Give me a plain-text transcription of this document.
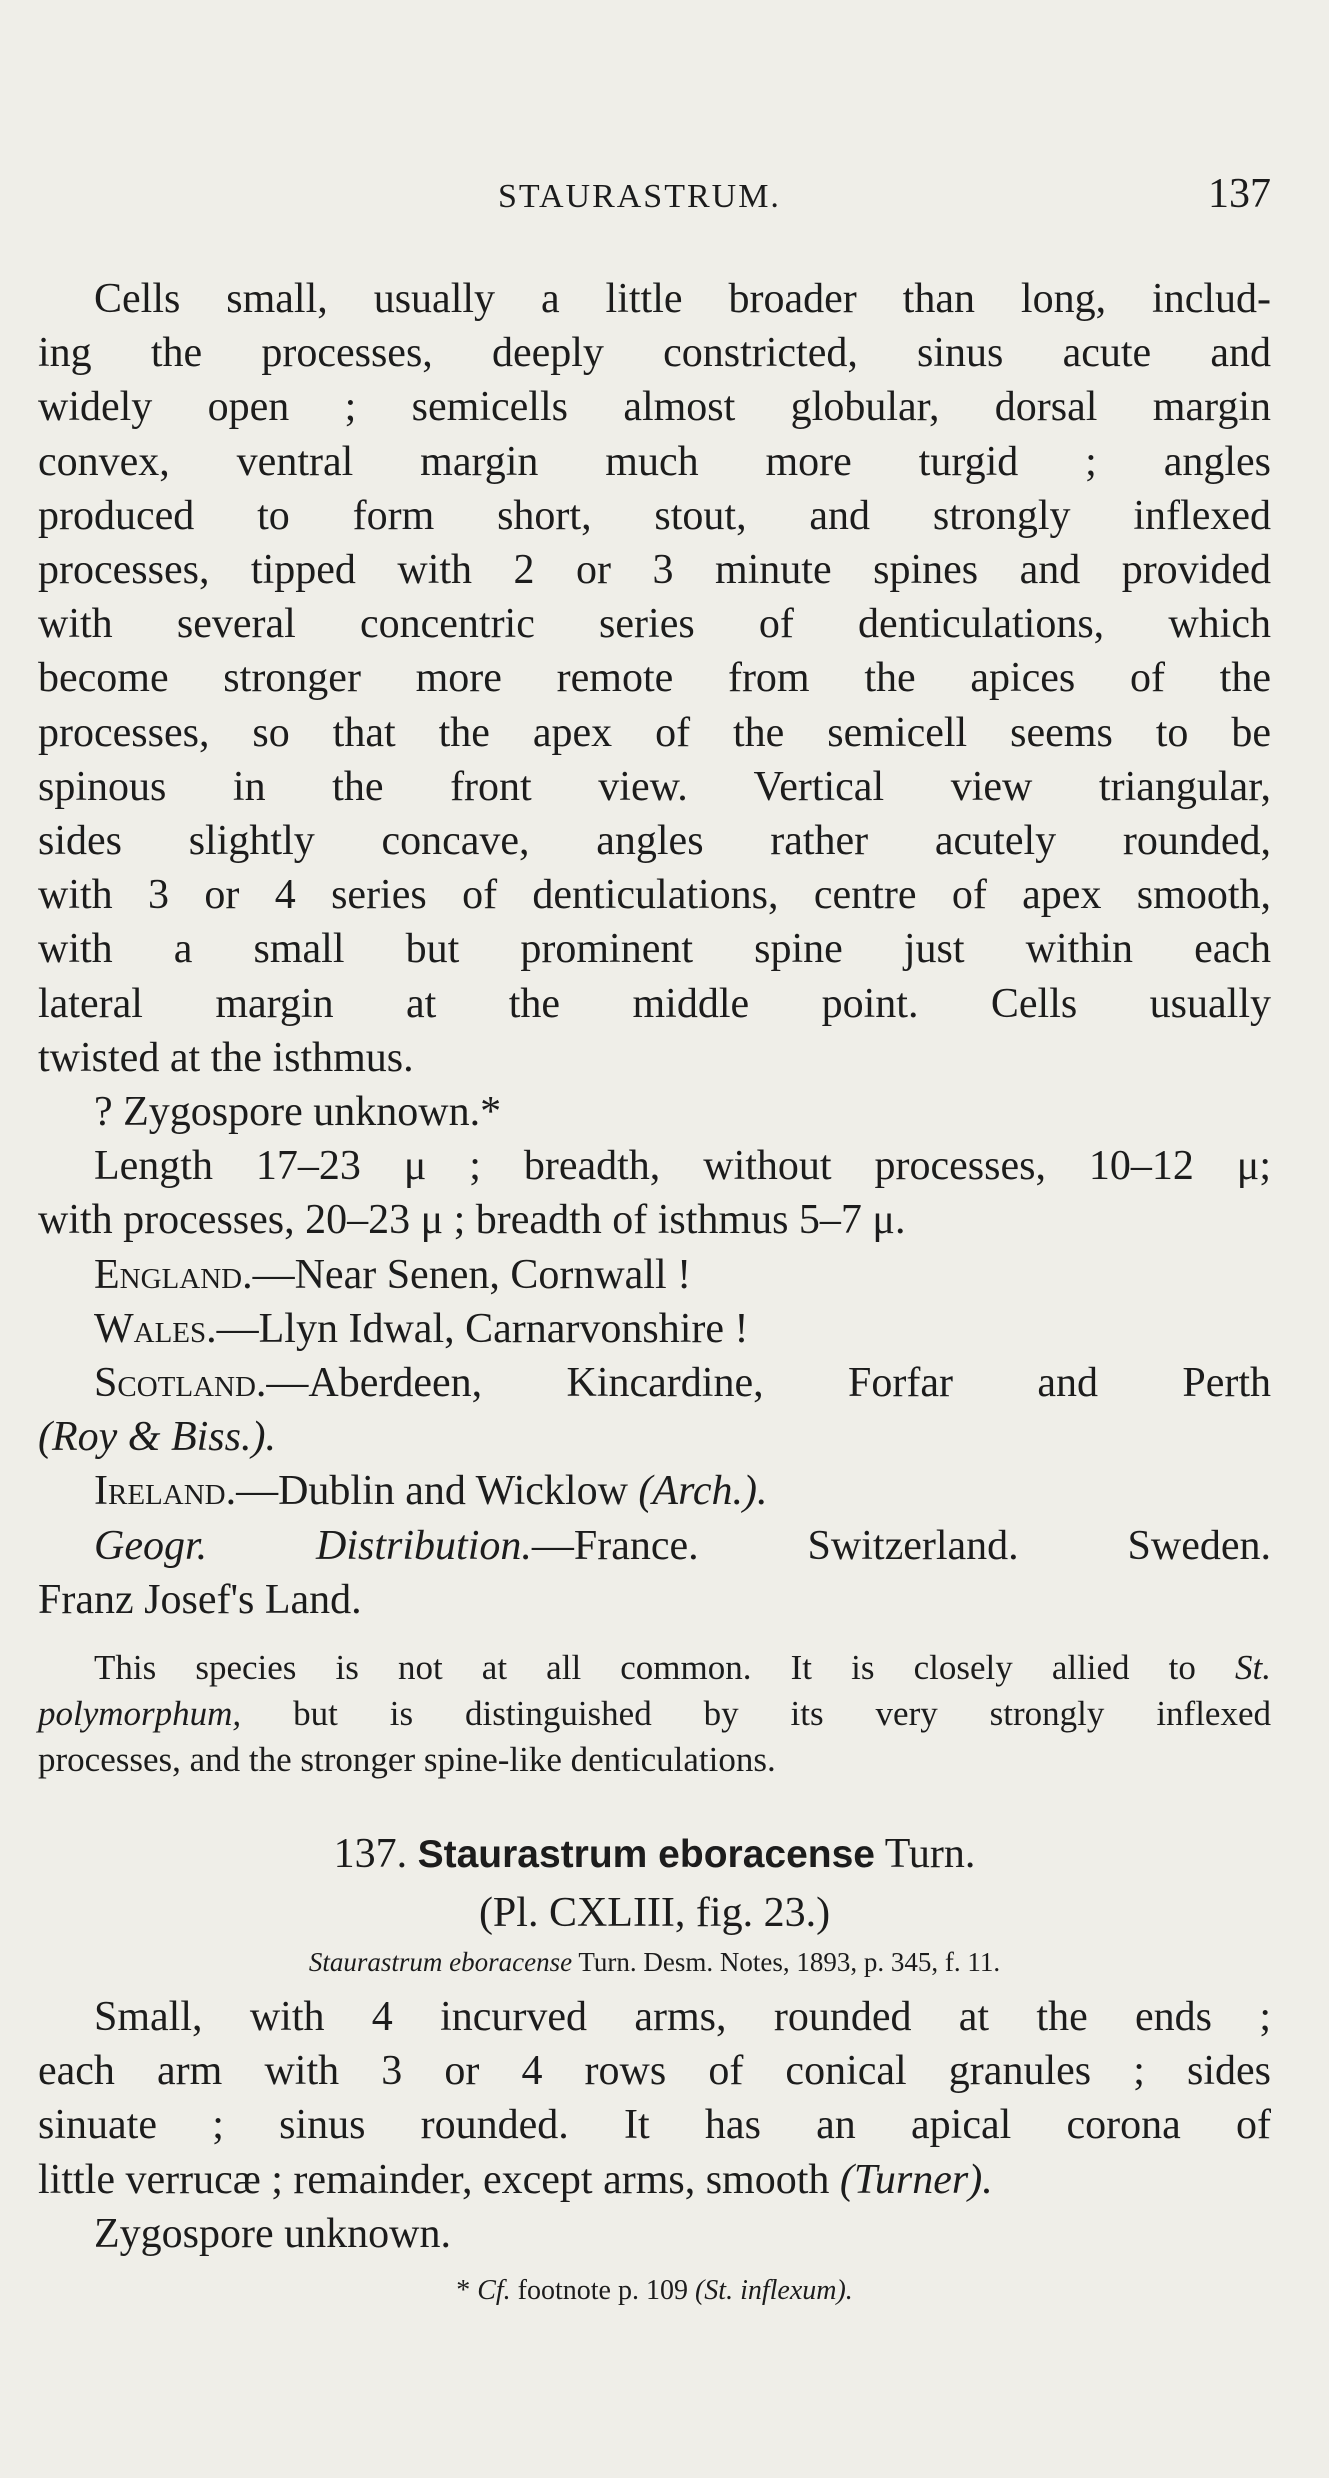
STAURASTRUM.	137

Cells small, usually a little broader than long, includ-
ing the processes, deeply constricted, sinus acute and
widely open ; semicells almost globular, dorsal margin
convex, ventral margin much more turgid ; angles
produced to form short, stout, and strongly inflexed
processes, tipped with 2 or 3 minute spines and provided
with several concentric series of denticulations, which
become stronger more remote from the apices of the
processes, so that the apex of the semicell seems to be
spinous in the front view. Vertical view triangular,
sides slightly concave, angles rather acutely rounded,
with 3 or 4 series of denticulations, centre of apex smooth,
with a small but prominent spine just within each
lateral margin at the middle point. Cells usually
twisted at the isthmus.

? Zygospore unknown.*

Length 17–23 μ ; breadth, without processes, 10–12 μ;
with processes, 20–23 μ ; breadth of isthmus 5–7 μ.

England.—Near Senen, Cornwall !

Wales.—Llyn Idwal, Carnarvonshire !

Scotland.—Aberdeen, Kincardine, Forfar and Perth
(Roy & Biss.).

Ireland.—Dublin and Wicklow (Arch.).

Geogr. Distribution.—France. Switzerland. Sweden.
Franz Josef's Land.

This species is not at all common. It is closely allied to St.
polymorphum, but is distinguished by its very strongly inflexed
processes, and the stronger spine-like denticulations.

137. Staurastrum eboracense Turn.

(Pl. CXLIII, fig. 23.)

Staurastrum eboracense Turn. Desm. Notes, 1893, p. 345, f. 11.

Small, with 4 incurved arms, rounded at the ends ;
each arm with 3 or 4 rows of conical granules ; sides
sinuate ; sinus rounded. It has an apical corona of
little verrucæ ; remainder, except arms, smooth (Turner).

Zygospore unknown.

* Cf. footnote p. 109 (St. inflexum).
